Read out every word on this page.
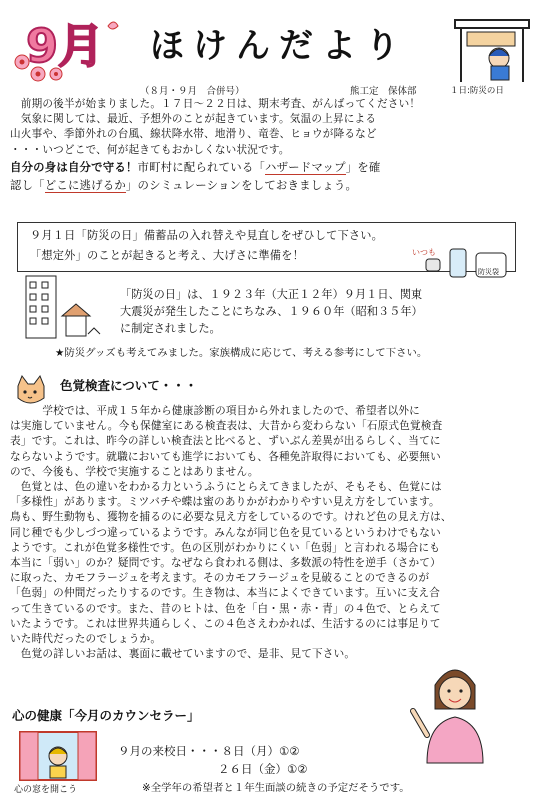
9月 ほけんだより
（８月・９月　合併号）	熊工定　保体部	１日:防災の日

　前期の後半が始まりました。１７日～２２日は、期末考査、がんばってください！

　気象に関しては、最近、予想外のことが起きています。気温の上昇による

山火事や、季節外れの台風、線状降水帯、地滑り、竜巻、ヒョウが降るなど

・・・いつどこで、何が起きてもおかしくない状況です。

自分の身は自分で守る！市町村に配られている「ハザードマップ」を確

認し「どこに逃げるか」のシミュレーションをしておきましょう。

９月１日「防災の日」備蓄品の入れ替えや見直しをぜひして下さい。

「想定外」のことが起きると考え、大げさに準備を！	いつも
防災袋

「防災の日」は、１９２３年（大正１２年）９月１日、関東

大震災が発生したことにちなみ、１９６０年（昭和３５年）

に制定されました。

★防災グッズも考えてみました。家族構成に応じて、考える参考にして下さい。
色覚検査について・・・

　　　学校では、平成１５年から健康診断の項目から外れましたので、希望者以外に

は実施していません。今も保健室にある検査表は、大昔から変わらない「石原式色覚検査

表」です。これは、昨今の詳しい検査法と比べると、ずいぶん差異が出るらしく、当てに

ならないようです。就職においても進学においても、各種免許取得においても、必要無い

ので、今後も、学校で実施することはありません。

　色覚とは、色の違いをわかる力というふうにとらえてきましたが、そもそも、色覚には

「多様性」があります。ミツバチや蝶は蜜のありかがわかりやすい見え方をしています。

鳥も、野生動物も、獲物を捕るのに必要な見え方をしているのです。けれど色の見え方は、

同じ種でも少しづつ違っているようです。みんなが同じ色を見ているというわけでもない

ようです。これが色覚多様性です。色の区別がわかりにくい「色弱」と言われる場合にも

本当に「弱い」のか？疑問です。なぜなら食われる側は、多数派の特性を逆手（さかて）

に取った、カモフラージュを考えます。そのカモフラージュを見破ることのできるのが

「色弱」の仲間だったりするのです。生き物は、本当によくできています。互いに支え合

って生きているのです。また、昔のヒトは、色を「白・黒・赤・青」の４色で、とらえて

いたようです。これは世界共通らしく、この４色さえわかれば、生活するのには事足りて

いた時代だったのでしょうか。

　色覚の詳しいお話は、裏面に載せていますので、是非、見て下さい。

心の健康「今月のカウンセラー」
心の窓を開こう
９月の来校日・・・８日（月）①②
２６日（金）①②
※全学年の希望者と１年生面談の続きの予定だそうです。
